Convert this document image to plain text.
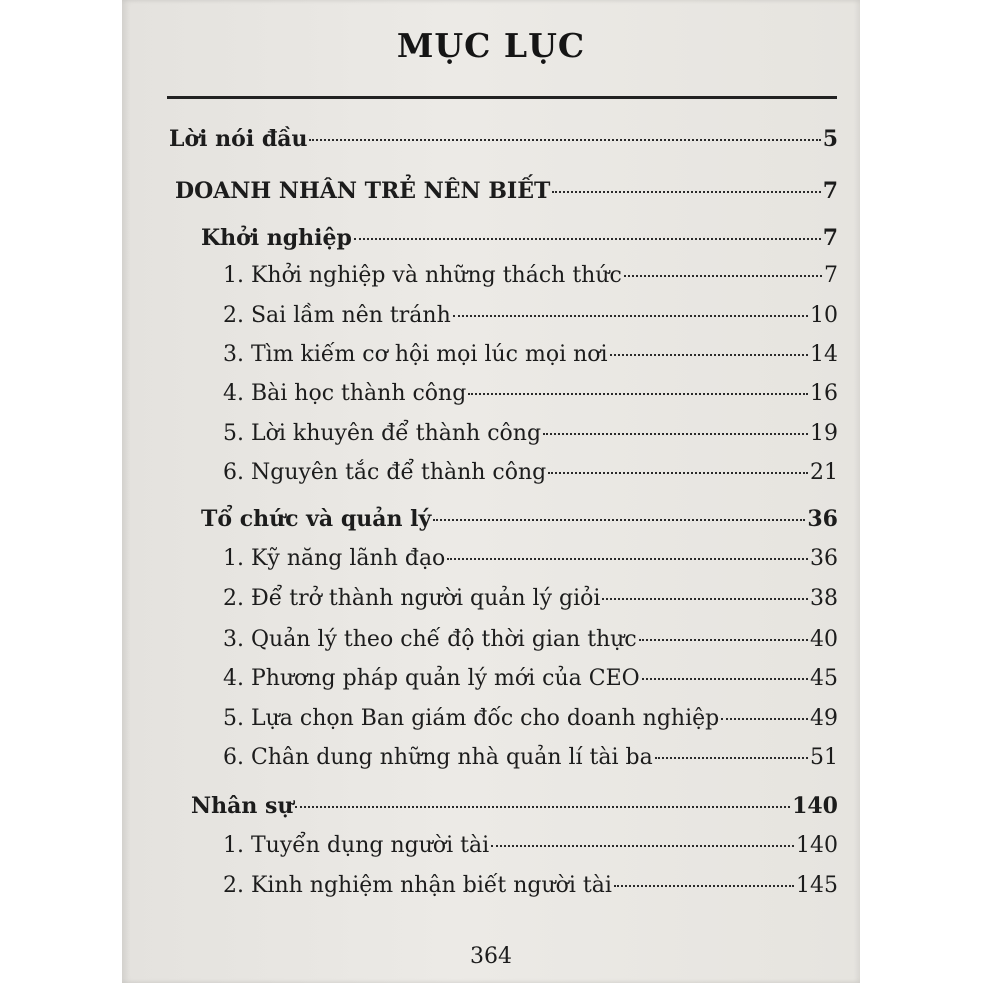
MỤC LỤC
Lời nói đầu	5
DOANH NHÂN TRẺ NÊN BIẾT	7
Khởi nghiệp	7
1. Khởi nghiệp và những thách thức	7
2. Sai lầm nên tránh	10
3. Tìm kiếm cơ hội mọi lúc mọi nơi	14
4. Bài học thành công	16
5. Lời khuyên để thành công	19
6. Nguyên tắc để thành công	21
Tổ chức và quản lý	36
1. Kỹ năng lãnh đạo	36
2. Để trở thành người quản lý giỏi	38
3. Quản lý theo chế độ thời gian thực	40
4. Phương pháp quản lý mới của CEO	45
5. Lựa chọn Ban giám đốc cho doanh nghiệp	49
6. Chân dung những nhà quản lí tài ba	51
Nhân sự	140
1. Tuyển dụng người tài	140
2. Kinh nghiệm nhận biết người tài	145
364
